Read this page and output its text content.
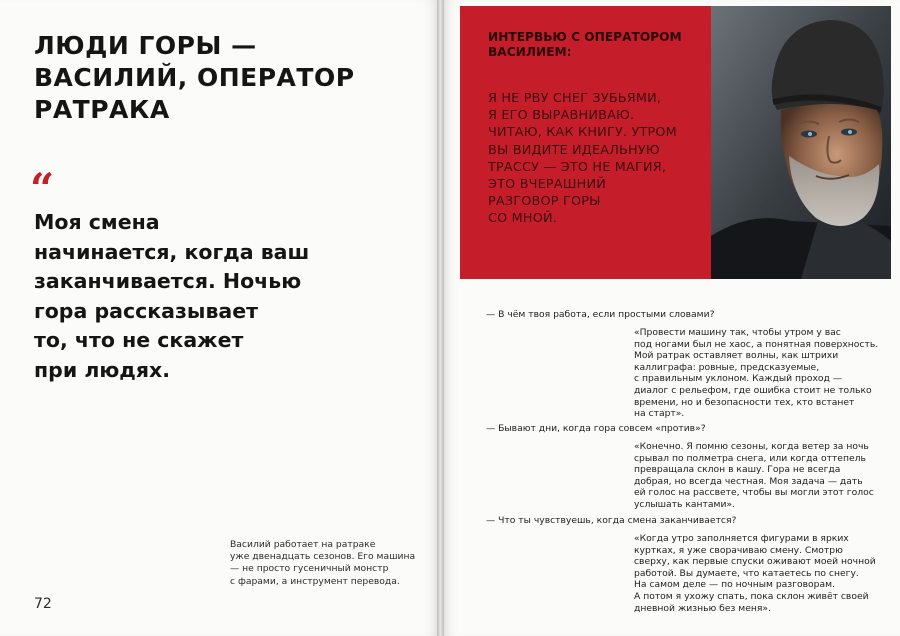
ЛЮДИ ГОРЫ —
ВАСИЛИЙ, ОПЕРАТОР
РАТРАКА
“

Моя смена
начинается, когда ваш
заканчивается. Ночью
гора рассказывает
то, что не скажет
при людях.

Василий работает на ратраке
уже двенадцать сезонов. Его машина
— не просто гусеничный монстр
с фарами, а инструмент перевода.

72
ИНТЕРВЬЮ С ОПЕРАТОРОМ
ВАСИЛИЕМ:

Я НЕ РВУ СНЕГ ЗУБЬЯМИ,
Я ЕГО ВЫРАВНИВАЮ.
ЧИТАЮ, КАК КНИГУ. УТРОМ
ВЫ ВИДИТЕ ИДЕАЛЬНУЮ
ТРАССУ — ЭТО НЕ МАГИЯ,
ЭТО ВЧЕРАШНИЙ
РАЗГОВОР ГОРЫ
СО МНОЙ.

— В чём твоя работа, если простыми словами?

«Провести машину так, чтобы утром у вас
под ногами был не хаос, а понятная поверхность.
Мой ратрак оставляет волны, как штрихи
каллиграфа: ровные, предсказуемые,
с правильным уклоном. Каждый проход —
диалог с рельефом, где ошибка стоит не только
времени, но и безопасности тех, кто встанет
на старт».

— Бывают дни, когда гора совсем «против»?

«Конечно. Я помню сезоны, когда ветер за ночь
срывал по полметра снега, или когда оттепель
превращала склон в кашу. Гора не всегда
добрая, но всегда честная. Моя задача — дать
ей голос на рассвете, чтобы вы могли этот голос
услышать кантами».

— Что ты чувствуешь, когда смена заканчивается?

«Когда утро заполняется фигурами в ярких
куртках, я уже сворачиваю смену. Смотрю
сверху, как первые спуски оживают моей ночной
работой. Вы думаете, что катаетесь по снегу.
На самом деле — по ночным разговорам.
А потом я ухожу спать, пока склон живёт своей
дневной жизнью без меня».
